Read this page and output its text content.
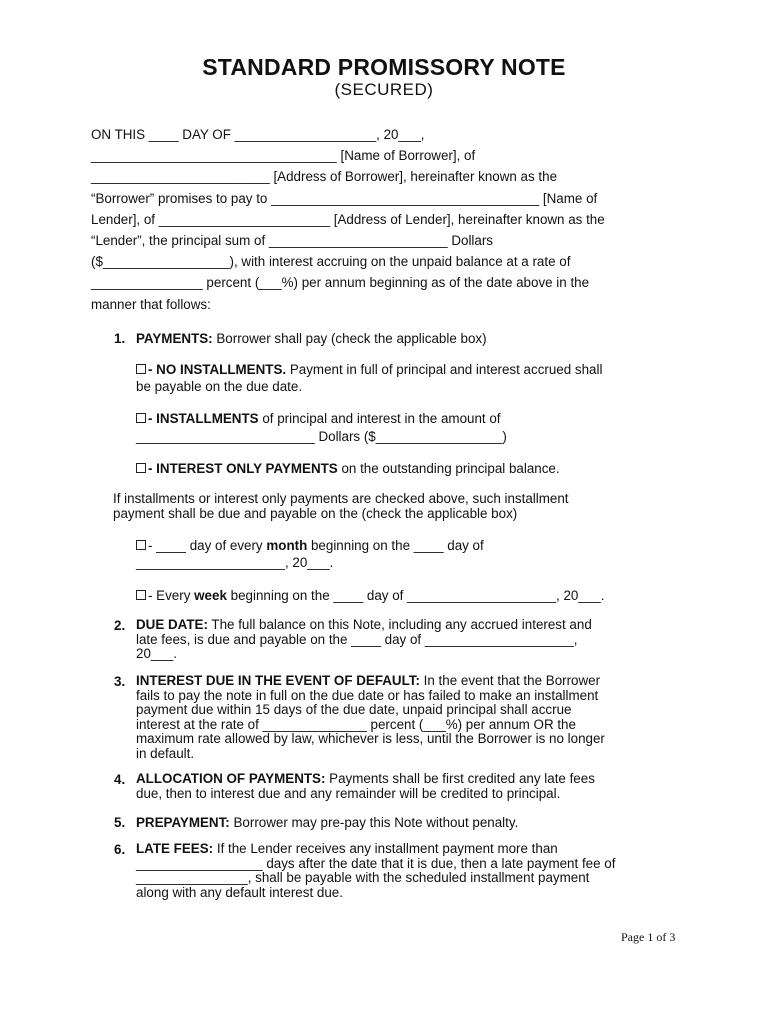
STANDARD PROMISSORY NOTE
(SECURED)

ON THIS ____ DAY OF ___________________, 20___,

_________________________________ [Name of Borrower], of

________________________ [Address of Borrower], hereinafter known as the

“Borrower” promises to pay to ____________________________________ [Name of

Lender], of _______________________ [Address of Lender], hereinafter known as the

“Lender”, the principal sum of ________________________ Dollars

($_________________), with interest accruing on the unpaid balance at a rate of

_______________ percent (___%) per annum beginning as of the date above in the

manner that follows:

1. PAYMENTS: Borrower shall pay (check the applicable box)

- NO INSTALLMENTS. Payment in full of principal and interest accrued shall

be payable on the due date.

- INSTALLMENTS of principal and interest in the amount of

________________________ Dollars ($_________________)

- INTEREST ONLY PAYMENTS on the outstanding principal balance.

If installments or interest only payments are checked above, such installment

payment shall be due and payable on the (check the applicable box)

- ____ day of every month beginning on the ____ day of

____________________, 20___.

- Every week beginning on the ____ day of ____________________, 20___.
2. DUE DATE: The full balance on this Note, including any accrued interest and

late fees, is due and payable on the ____ day of ____________________,

20___.

3. INTEREST DUE IN THE EVENT OF DEFAULT: In the event that the Borrower

fails to pay the note in full on the due date or has failed to make an installment

payment due within 15 days of the due date, unpaid principal shall accrue

interest at the rate of ______________ percent (___%) per annum OR the

maximum rate allowed by law, whichever is less, until the Borrower is no longer

in default.

4. ALLOCATION OF PAYMENTS: Payments shall be first credited any late fees

due, then to interest due and any remainder will be credited to principal.

5. PREPAYMENT: Borrower may pre-pay this Note without penalty.
6. LATE FEES: If the Lender receives any installment payment more than

_________________ days after the date that it is due, then a late payment fee of

_______________, shall be payable with the scheduled installment payment

along with any default interest due.

Page 1 of 3
